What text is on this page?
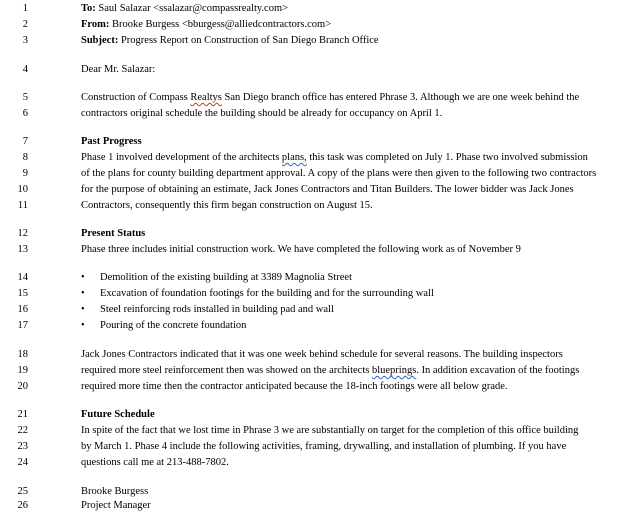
1	To: Saul Salazar <ssalazar@compassrealty.com>
2	From: Brooke Burgess <bburgess@alliedcontractors.com>
3	Subject: Progress Report on Construction of San Diego Branch Office
4	Dear Mr. Salazar:
5	Construction of Compass Realtys San Diego branch office has entered Phrase 3. Although we are one week behind the
6	contractors original schedule the building should be already for occupancy on April 1.
7	Past Progress
8	Phase 1 involved development of the architects plans, this task was completed on July 1. Phase two involved submission
9	of the plans for county building department approval. A copy of the plans were then given to the following two contractors
10	for the purpose of obtaining an estimate, Jack Jones Contractors and Titan Builders. The lower bidder was Jack Jones
11	Contractors, consequently this firm began construction on August 15.
12	Present Status
13	Phase three includes initial construction work. We have completed the following work as of November 9
14	• Demolition of the existing building at 3389 Magnolia Street
15	• Excavation of foundation footings for the building and for the surrounding wall
16	• Steel reinforcing rods installed in building pad and wall
17	• Pouring of the concrete foundation
18	Jack Jones Contractors indicated that it was one week behind schedule for several reasons. The building inspectors
19	required more steel reinforcement then was showed on the architects blueprings. In addition excavation of the footings
20	required more time then the contractor anticipated because the 18-inch footings were all below grade.
21	Future Schedule
22	In spite of the fact that we lost time in Phrase 3 we are substantially on target for the completion of this office building
23	by March 1. Phase 4 include the following activities, framing, drywalling, and installation of plumbing. If you have
24	questions call me at 213-488-7802.
25	Brooke Burgess
26	Project Manager
